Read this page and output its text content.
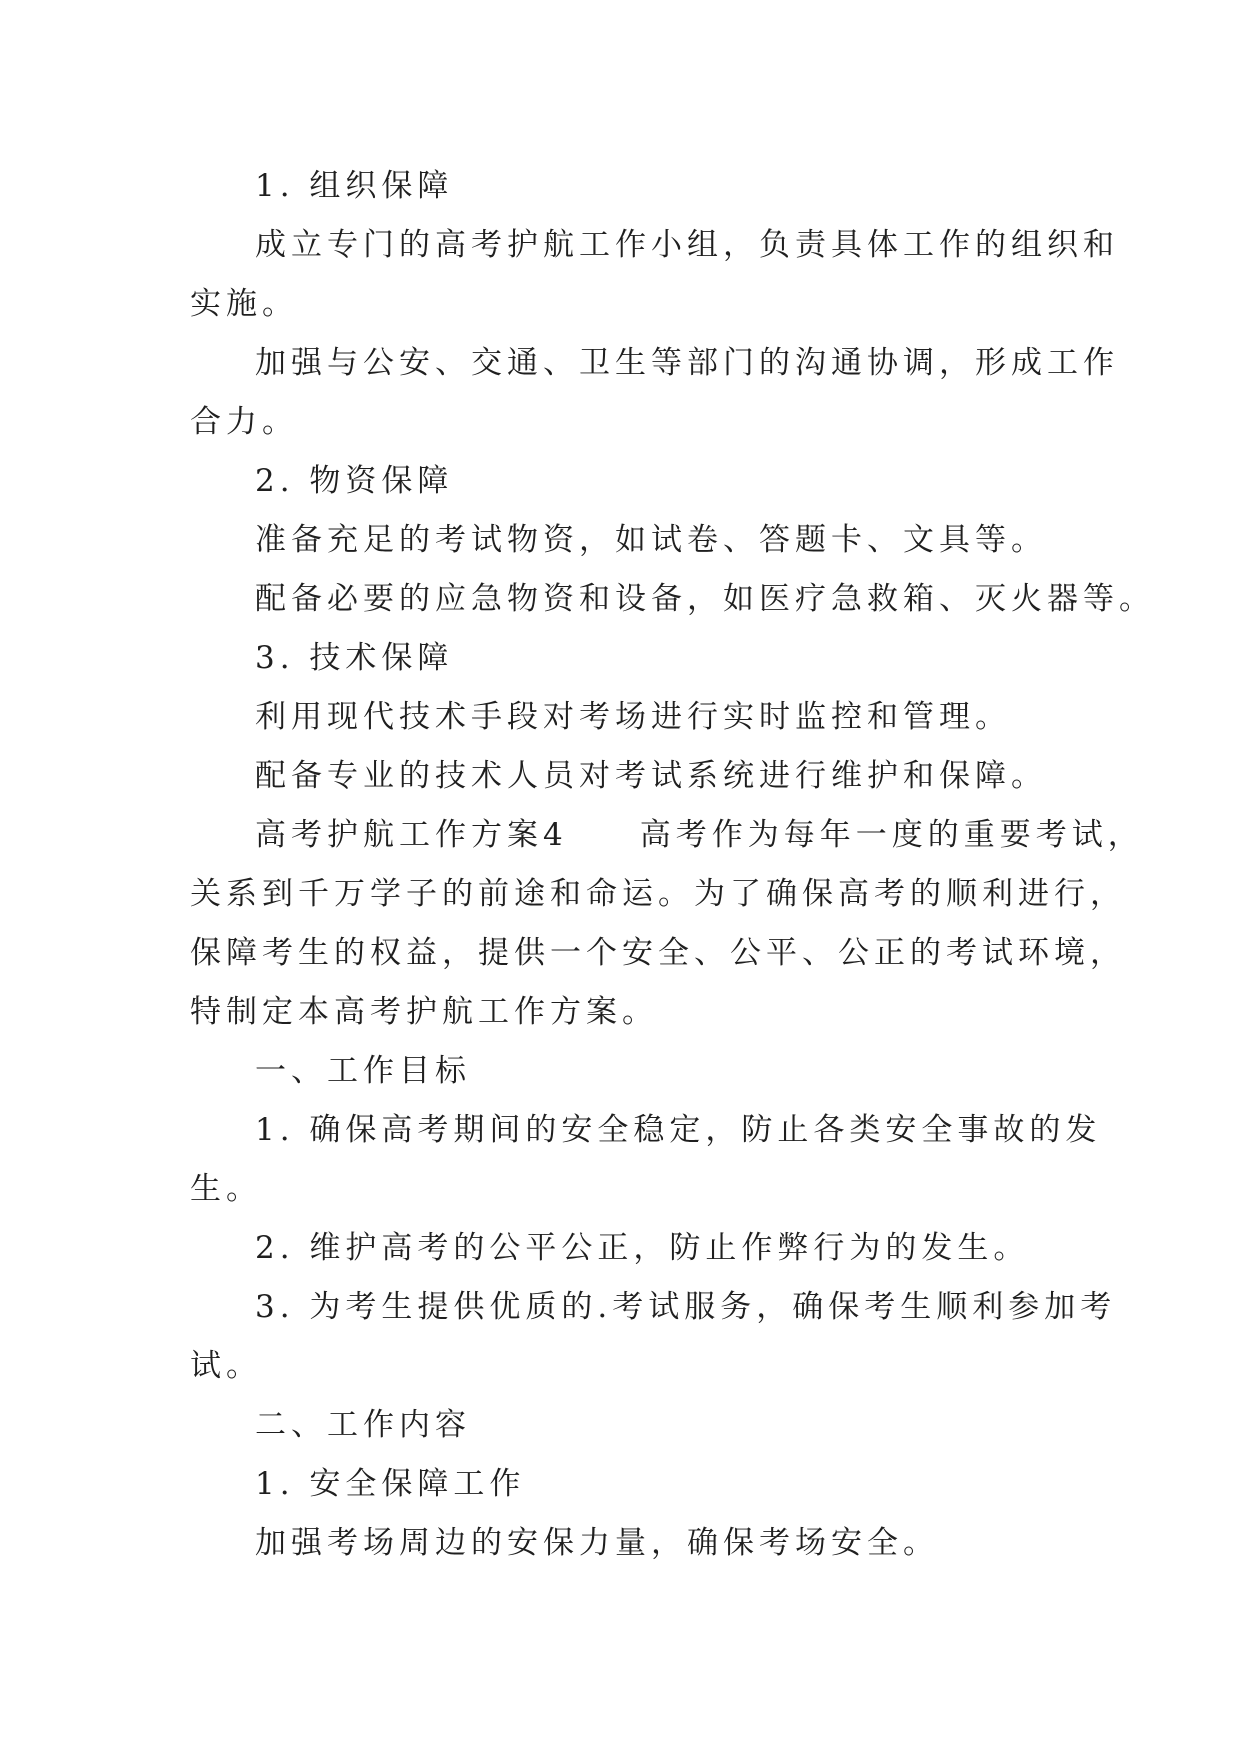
1. 组织保障
成立专门的高考护航工作小组，负责具体工作的组织和
实施。
加强与公安、交通、卫生等部门的沟通协调，形成工作
合力。
2. 物资保障
准备充足的考试物资，如试卷、答题卡、文具等。
配备必要的应急物资和设备，如医疗急救箱、灭火器等。
3. 技术保障
利用现代技术手段对考场进行实时监控和管理。
配备专业的技术人员对考试系统进行维护和保障。
高考护航工作方案4　　高考作为每年一度的重要考试，
关系到千万学子的前途和命运。为了确保高考的顺利进行，
保障考生的权益，提供一个安全、公平、公正的考试环境，
特制定本高考护航工作方案。
一、工作目标
1. 确保高考期间的安全稳定，防止各类安全事故的发
生。
2. 维护高考的公平公正，防止作弊行为的发生。
3. 为考生提供优质的.考试服务，确保考生顺利参加考
试。
二、工作内容
1. 安全保障工作
加强考场周边的安保力量，确保考场安全。
